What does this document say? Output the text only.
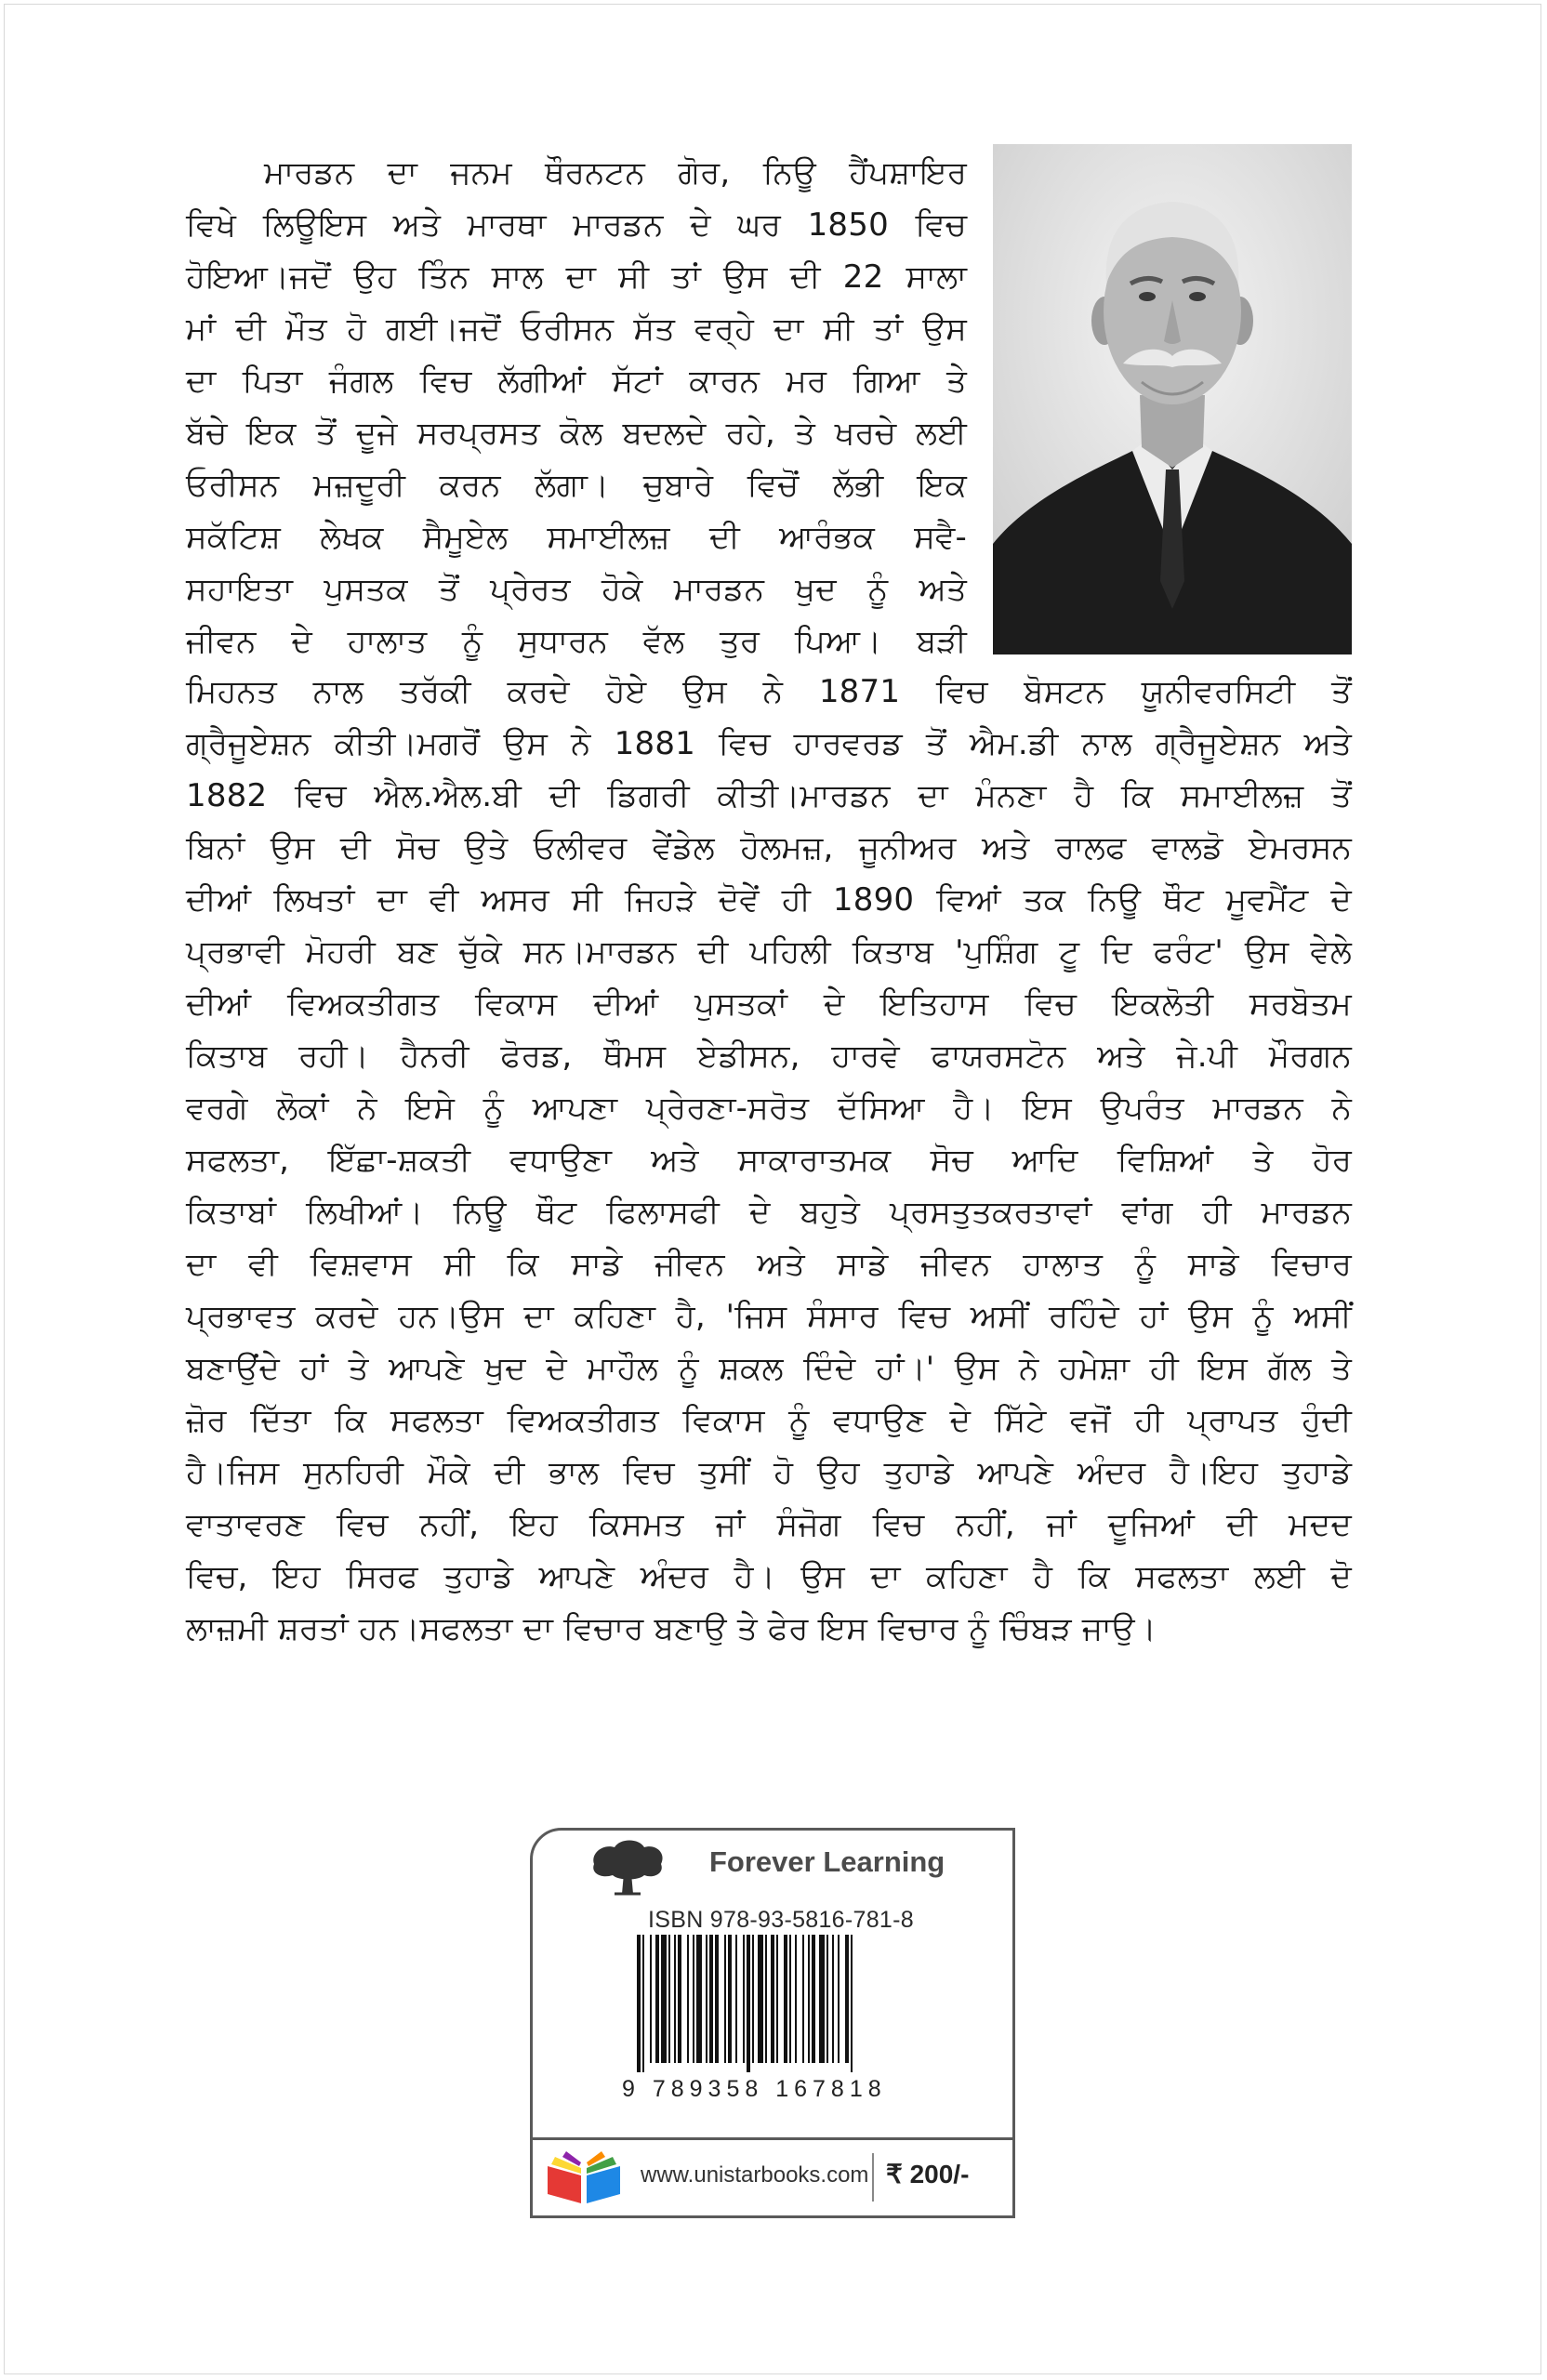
ਮਾਰਡਨ ਦਾ ਜਨਮ ਥੌਰਨਟਨ ਗੋਰ, ਨਿਊ ਹੈਂਪਸ਼ਾਇਰ
ਵਿਖੇ ਲਿਊਇਸ ਅਤੇ ਮਾਰਥਾ ਮਾਰਡਨ ਦੇ ਘਰ 1850 ਵਿਚ
ਹੋਇਆ।ਜਦੋਂ ਉਹ ਤਿੰਨ ਸਾਲ ਦਾ ਸੀ ਤਾਂ ਉਸ ਦੀ 22 ਸਾਲਾ
ਮਾਂ ਦੀ ਮੌਤ ਹੋ ਗਈ।ਜਦੋਂ ਓਰੀਸਨ ਸੱਤ ਵਰ੍ਹੇ ਦਾ ਸੀ ਤਾਂ ਉਸ
ਦਾ ਪਿਤਾ ਜੰਗਲ ਵਿਚ ਲੱਗੀਆਂ ਸੱਟਾਂ ਕਾਰਨ ਮਰ ਗਿਆ ਤੇ
ਬੱਚੇ ਇਕ ਤੋਂ ਦੂਜੇ ਸਰਪ੍ਰਸਤ ਕੋਲ ਬਦਲਦੇ ਰਹੇ, ਤੇ ਖਰਚੇ ਲਈ
ਓਰੀਸਨ ਮਜ਼ਦੂਰੀ ਕਰਨ ਲੱਗਾ। ਚੁਬਾਰੇ ਵਿਚੋਂ ਲੱਭੀ ਇਕ
ਸਕੱਟਿਸ਼ ਲੇਖਕ ਸੈਮੂਏਲ ਸਮਾਈਲਜ਼ ਦੀ ਆਰੰਭਕ ਸਵੈ-
ਸਹਾਇਤਾ ਪੁਸਤਕ ਤੋਂ ਪ੍ਰੇਰਤ ਹੋਕੇ ਮਾਰਡਨ ਖੁਦ ਨੂੰ ਅਤੇ
ਜੀਵਨ ਦੇ ਹਾਲਾਤ ਨੂੰ ਸੁਧਾਰਨ ਵੱਲ ਤੁਰ ਪਿਆ। ਬੜੀ
ਮਿਹਨਤ ਨਾਲ ਤਰੱਕੀ ਕਰਦੇ ਹੋਏ ਉਸ ਨੇ 1871 ਵਿਚ ਬੋਸਟਨ ਯੂਨੀਵਰਸਿਟੀ ਤੋਂ
ਗ੍ਰੈਜੂਏਸ਼ਨ ਕੀਤੀ।ਮਗਰੋਂ ਉਸ ਨੇ 1881 ਵਿਚ ਹਾਰਵਰਡ ਤੋਂ ਐਮ.ਡੀ ਨਾਲ ਗ੍ਰੈਜੂਏਸ਼ਨ ਅਤੇ
1882 ਵਿਚ ਐਲ.ਐਲ.ਬੀ ਦੀ ਡਿਗਰੀ ਕੀਤੀ।ਮਾਰਡਨ ਦਾ ਮੰਨਣਾ ਹੈ ਕਿ ਸਮਾਈਲਜ਼ ਤੋਂ
ਬਿਨਾਂ ਉਸ ਦੀ ਸੋਚ ਉਤੇ ਓਲੀਵਰ ਵੇਂਡੇਲ ਹੋਲਮਜ਼, ਜੂਨੀਅਰ ਅਤੇ ਰਾਲਫ ਵਾਲਡੋ ਏਮਰਸਨ
ਦੀਆਂ ਲਿਖਤਾਂ ਦਾ ਵੀ ਅਸਰ ਸੀ ਜਿਹੜੇ ਦੋਵੇਂ ਹੀ 1890 ਵਿਆਂ ਤਕ ਨਿਊ ਥੌਟ ਮੂਵਮੈਂਟ ਦੇ
ਪ੍ਰਭਾਵੀ ਮੋਹਰੀ ਬਣ ਚੁੱਕੇ ਸਨ।ਮਾਰਡਨ ਦੀ ਪਹਿਲੀ ਕਿਤਾਬ 'ਪੁਸ਼ਿੰਗ ਟੂ ਦਿ ਫਰੰਟ' ਉਸ ਵੇਲੇ
ਦੀਆਂ ਵਿਅਕਤੀਗਤ ਵਿਕਾਸ ਦੀਆਂ ਪੁਸਤਕਾਂ ਦੇ ਇਤਿਹਾਸ ਵਿਚ ਇਕਲੋਤੀ ਸਰਬੋਤਮ
ਕਿਤਾਬ ਰਹੀ। ਹੈਨਰੀ ਫੋਰਡ, ਥੌਮਸ ਏਡੀਸਨ, ਹਾਰਵੇ ਫਾਯਰਸਟੋਨ ਅਤੇ ਜੇ.ਪੀ ਮੌਰਗਨ
ਵਰਗੇ ਲੋਕਾਂ ਨੇ ਇਸੇ ਨੂੰ ਆਪਣਾ ਪ੍ਰੇਰਣਾ-ਸਰੋਤ ਦੱਸਿਆ ਹੈ। ਇਸ ਉਪਰੰਤ ਮਾਰਡਨ ਨੇ
ਸਫਲਤਾ, ਇੱਛਾ-ਸ਼ਕਤੀ ਵਧਾਉਣਾ ਅਤੇ ਸਾਕਾਰਾਤਮਕ ਸੋਚ ਆਦਿ ਵਿਸ਼ਿਆਂ ਤੇ ਹੋਰ
ਕਿਤਾਬਾਂ ਲਿਖੀਆਂ। ਨਿਊ ਥੌਟ ਫਿਲਾਸਫੀ ਦੇ ਬਹੁਤੇ ਪ੍ਰਸਤੁਤਕਰਤਾਵਾਂ ਵਾਂਗ ਹੀ ਮਾਰਡਨ
ਦਾ ਵੀ ਵਿਸ਼ਵਾਸ ਸੀ ਕਿ ਸਾਡੇ ਜੀਵਨ ਅਤੇ ਸਾਡੇ ਜੀਵਨ ਹਾਲਾਤ ਨੂੰ ਸਾਡੇ ਵਿਚਾਰ
ਪ੍ਰਭਾਵਤ ਕਰਦੇ ਹਨ।ਉਸ ਦਾ ਕਹਿਣਾ ਹੈ, 'ਜਿਸ ਸੰਸਾਰ ਵਿਚ ਅਸੀਂ ਰਹਿੰਦੇ ਹਾਂ ਉਸ ਨੂੰ ਅਸੀਂ
ਬਣਾਉਂਦੇ ਹਾਂ ਤੇ ਆਪਣੇ ਖੁਦ ਦੇ ਮਾਹੌਲ ਨੂੰ ਸ਼ਕਲ ਦਿੰਦੇ ਹਾਂ।' ਉਸ ਨੇ ਹਮੇਸ਼ਾ ਹੀ ਇਸ ਗੱਲ ਤੇ
ਜ਼ੋਰ ਦਿੱਤਾ ਕਿ ਸਫਲਤਾ ਵਿਅਕਤੀਗਤ ਵਿਕਾਸ ਨੂੰ ਵਧਾਉਣ ਦੇ ਸਿੱਟੇ ਵਜੋਂ ਹੀ ਪ੍ਰਾਪਤ ਹੁੰਦੀ
ਹੈ।ਜਿਸ ਸੁਨਹਿਰੀ ਮੌਕੇ ਦੀ ਭਾਲ ਵਿਚ ਤੁਸੀਂ ਹੋ ਉਹ ਤੁਹਾਡੇ ਆਪਣੇ ਅੰਦਰ ਹੈ।ਇਹ ਤੁਹਾਡੇ
ਵਾਤਾਵਰਣ ਵਿਚ ਨਹੀਂ, ਇਹ ਕਿਸਮਤ ਜਾਂ ਸੰਜੋਗ ਵਿਚ ਨਹੀਂ, ਜਾਂ ਦੂਜਿਆਂ ਦੀ ਮਦਦ
ਵਿਚ, ਇਹ ਸਿਰਫ ਤੁਹਾਡੇ ਆਪਣੇ ਅੰਦਰ ਹੈ। ਉਸ ਦਾ ਕਹਿਣਾ ਹੈ ਕਿ ਸਫਲਤਾ ਲਈ ਦੋ
ਲਾਜ਼ਮੀ ਸ਼ਰਤਾਂ ਹਨ।ਸਫਲਤਾ ਦਾ ਵਿਚਾਰ ਬਣਾਉ ਤੇ ਫੇਰ ਇਸ ਵਿਚਾਰ ਨੂੰ ਚਿੰਬੜ ਜਾਉ।
Forever Learning
ISBN 978-93-5816-781-8
9 789358 167818
www.unistarbooks.com ₹ 200/-
